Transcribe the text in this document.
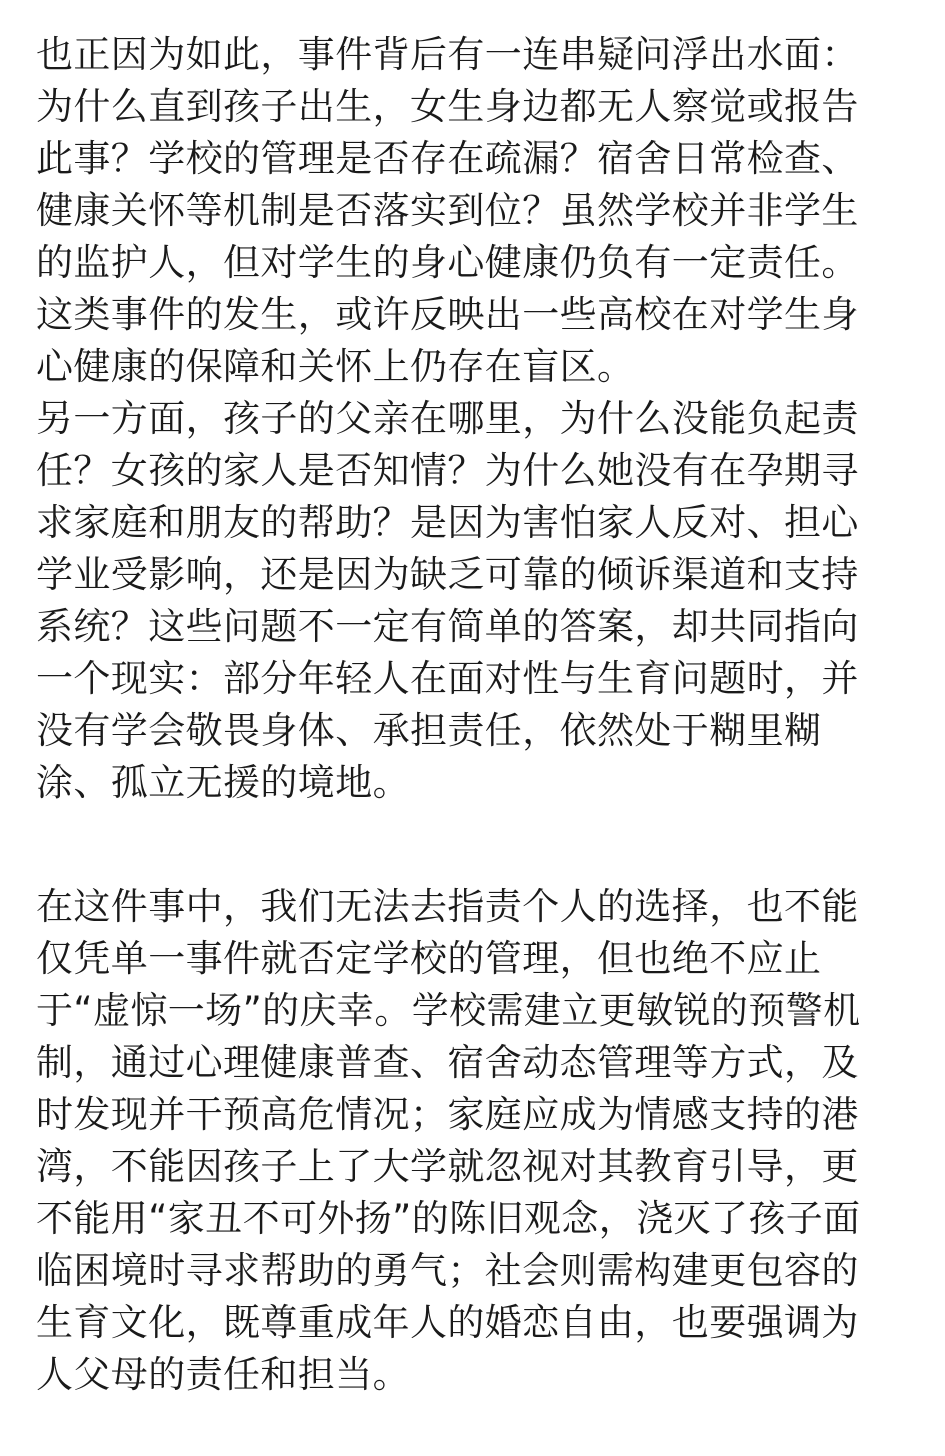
也正因为如此，事件背后有一连串疑问浮出水面：
为什么直到孩子出生，女生身边都无人察觉或报告
此事？学校的管理是否存在疏漏？宿舍日常检查、
健康关怀等机制是否落实到位？虽然学校并非学生
的监护人，但对学生的身心健康仍负有一定责任。
这类事件的发生，或许反映出一些高校在对学生身
心健康的保障和关怀上仍存在盲区。
另一方面，孩子的父亲在哪里，为什么没能负起责
任？女孩的家人是否知情？为什么她没有在孕期寻
求家庭和朋友的帮助？是因为害怕家人反对、担心
学业受影响，还是因为缺乏可靠的倾诉渠道和支持
系统？这些问题不一定有简单的答案，却共同指向
一个现实：部分年轻人在面对性与生育问题时，并
没有学会敬畏身体、承担责任，依然处于糊里糊
涂、孤立无援的境地。
在这件事中，我们无法去指责个人的选择，也不能
仅凭单一事件就否定学校的管理，但也绝不应止
于“虚惊一场”的庆幸。学校需建立更敏锐的预警机
制，通过心理健康普查、宿舍动态管理等方式，及
时发现并干预高危情况；家庭应成为情感支持的港
湾，不能因孩子上了大学就忽视对其教育引导，更
不能用“家丑不可外扬”的陈旧观念，浇灭了孩子面
临困境时寻求帮助的勇气；社会则需构建更包容的
生育文化，既尊重成年人的婚恋自由，也要强调为
人父母的责任和担当。
